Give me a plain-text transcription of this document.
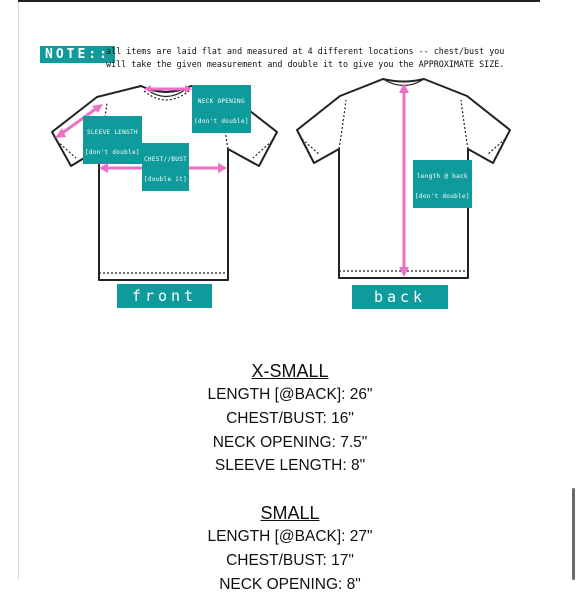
NOTE::
all items are laid flat and measured at 4 different locations -- chest/bust you
will take the given measurement and double it to give you the APPROXIMATE SIZE.

NECK OPENING

[don't double]

SLEEVE LENGTH

[don't double]

CHEST//BUST

[double it]

	length @ back

[don't double]

front	back

X-SMALL

LENGTH [@BACK]: 26"

CHEST/BUST: 16"

NECK OPENING: 7.5"

SLEEVE LENGTH: 8"

SMALL

LENGTH [@BACK]: 27"

CHEST/BUST: 17"

NECK OPENING: 8"
